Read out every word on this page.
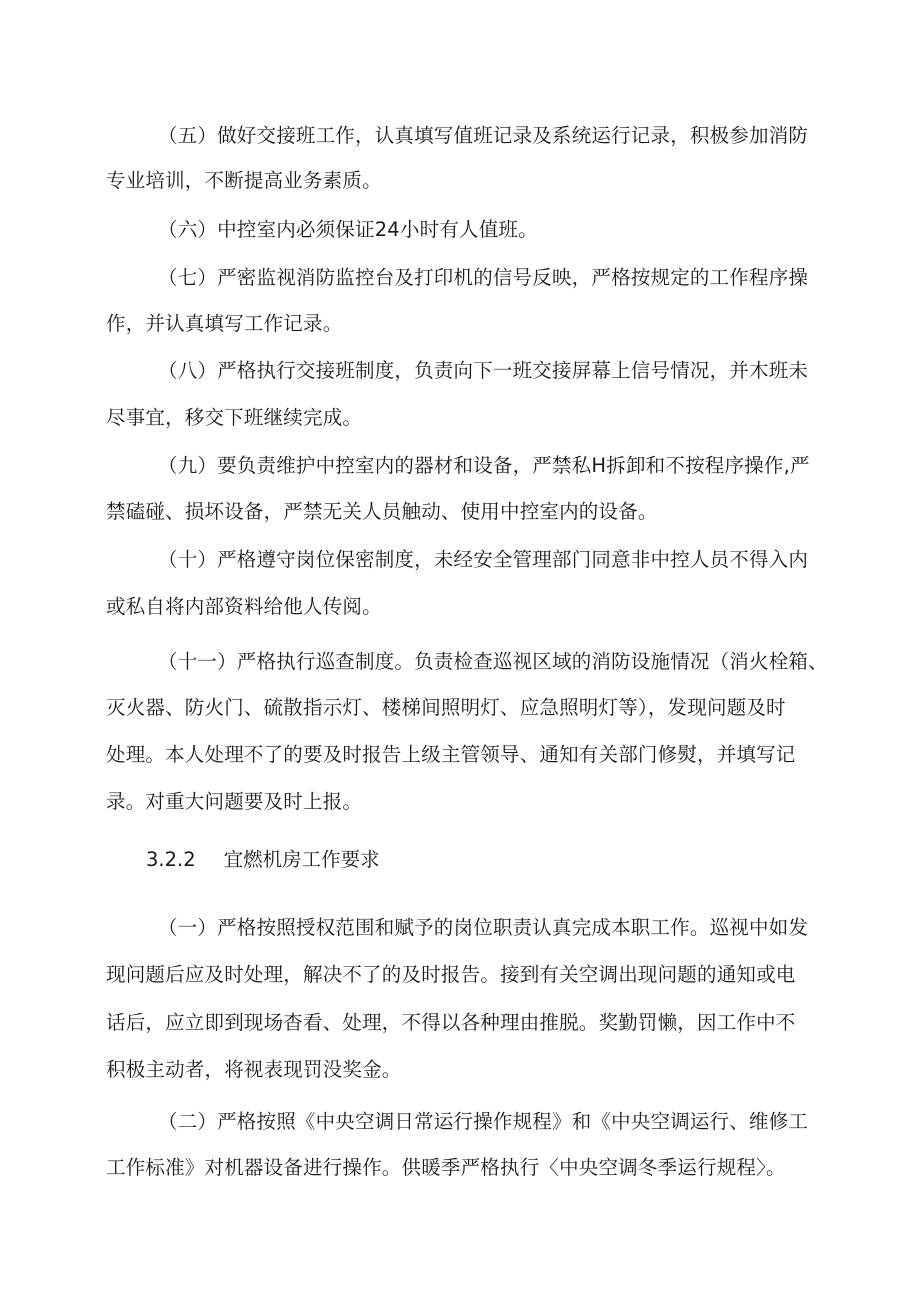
（五）做好交接班工作，认真填写值班记录及系统运行记录，积极参加消防
专业培训，不断提高业务素质。
（六）中控室内必须保证24小时有人值班。
（七）严密监视消防监控台及打印机的信号反映，严格按规定的工作程序操
作，并认真填写工作记录。
（八）严格执行交接班制度，负责向下一班交接屏幕上信号情况，并木班未
尽事宜，移交下班继续完成。
（九）要负责维护中控室内的器材和设备，严禁私H拆卸和不按程序操作,严
禁磕碰、损坏设备，严禁无关人员触动、使用中控室内的设备。
（十）严格遵守岗位保密制度，未经安全管理部门同意非中控人员不得入内
或私自将内部资料给他人传阅。
（十一）严格执行巡查制度。负责检查巡视区域的消防设施情况（消火栓箱、
灭火器、防火门、硫散指示灯、楼梯间照明灯、应急照明灯等），发现问题及时
处理。本人处理不了的要及时报告上级主管领导、通知有关部门修熨，并填写记
录。对重大问题要及时上报。
3.2.2 宜燃机房工作要求
（一）严格按照授权范围和赋予的岗位职责认真完成本职工作。巡视中如发
现问题后应及时处理，解决不了的及时报告。接到有关空调出现问题的通知或电
话后，应立即到现场杳看、处理，不得以各种理由推脱。奖勤罚懒，因工作中不
积极主动者，将视表现罚没奖金。
（二）严格按照《中央空调日常运行操作规程》和《中央空调运行、维修工
工作标准》对机器设备进行操作。供暖季严格执行〈中央空调冬季运行规程〉。
